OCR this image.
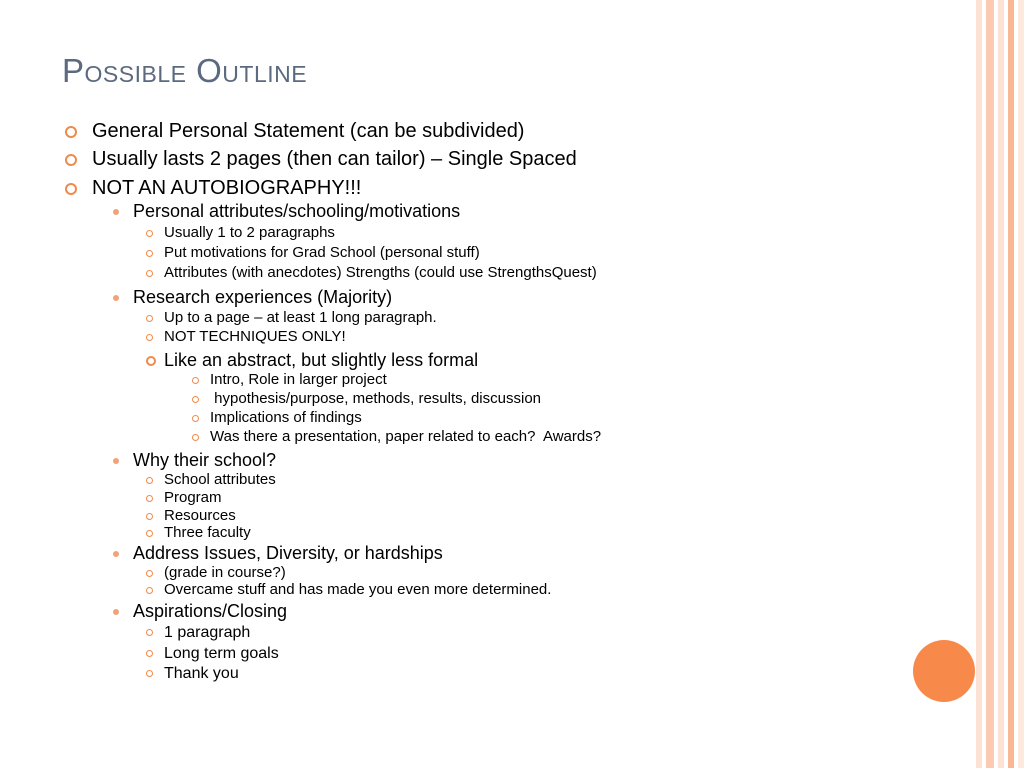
Possible Outline
General Personal Statement (can be subdivided)
Usually lasts 2 pages (then can tailor) – Single Spaced
NOT AN AUTOBIOGRAPHY!!!
Personal attributes/schooling/motivations
Usually 1 to 2 paragraphs
Put motivations for Grad School (personal stuff)
Attributes (with anecdotes) Strengths (could use StrengthsQuest)
Research experiences (Majority)
Up to a page – at least 1 long paragraph.
NOT TECHNIQUES ONLY!
Like an abstract, but slightly less formal
Intro, Role in larger project
hypothesis/purpose, methods, results, discussion
Implications of findings
Was there a presentation, paper related to each?  Awards?
Why their school?
School attributes
Program
Resources
Three faculty
Address Issues, Diversity, or hardships
(grade in course?)
Overcame stuff and has made you even more determined.
Aspirations/Closing
1 paragraph
Long term goals
Thank you
